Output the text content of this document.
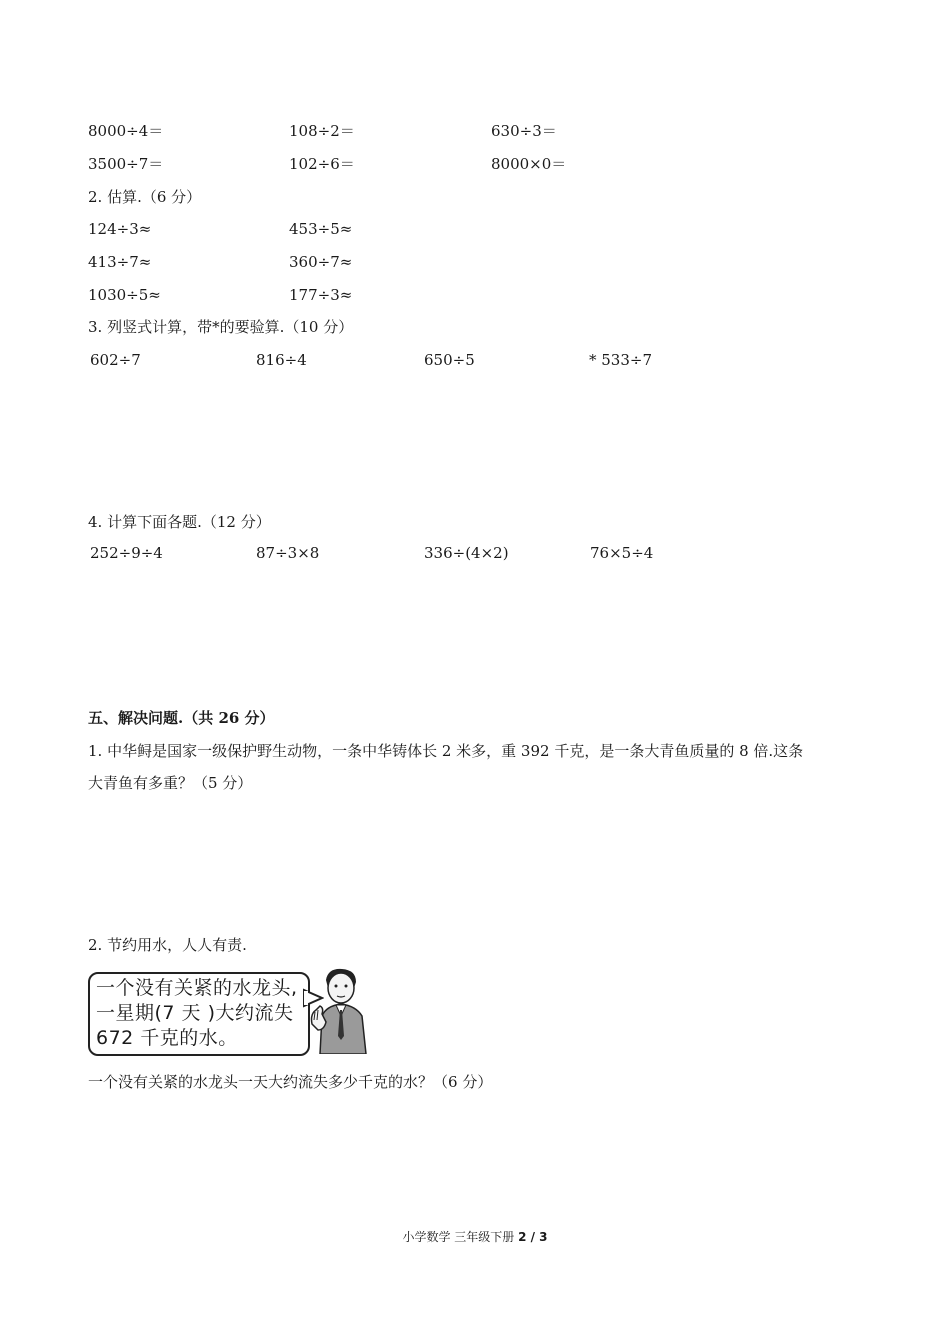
8000÷4＝	108÷2＝	630÷3＝
3500÷7＝	102÷6＝	8000×0＝
2. 估算.（6 分）
124÷3≈	453÷5≈
413÷7≈	360÷7≈
1030÷5≈	177÷3≈
3. 列竖式计算，带*的要验算.（10 分）
602÷7	816÷4	650÷5	* 533÷7
4. 计算下面各题.（12 分）
252÷9÷4	87÷3×8	336÷(4×2)	76×5÷4
五、解决问题.（共 26 分）
1. 中华鲟是国家一级保护野生动物，一条中华铸体长 2 米多，重 392 千克，是一条大青鱼质量的 8 倍.这条
大青鱼有多重？（5 分）
2. 节约用水，人人有责.
一个没有关紧的水龙头,
一星期(7 天 )大约流失
672 千克的水。
一个没有关紧的水龙头一天大约流失多少千克的水？（6 分）
小学数学 三年级下册 2 / 3
